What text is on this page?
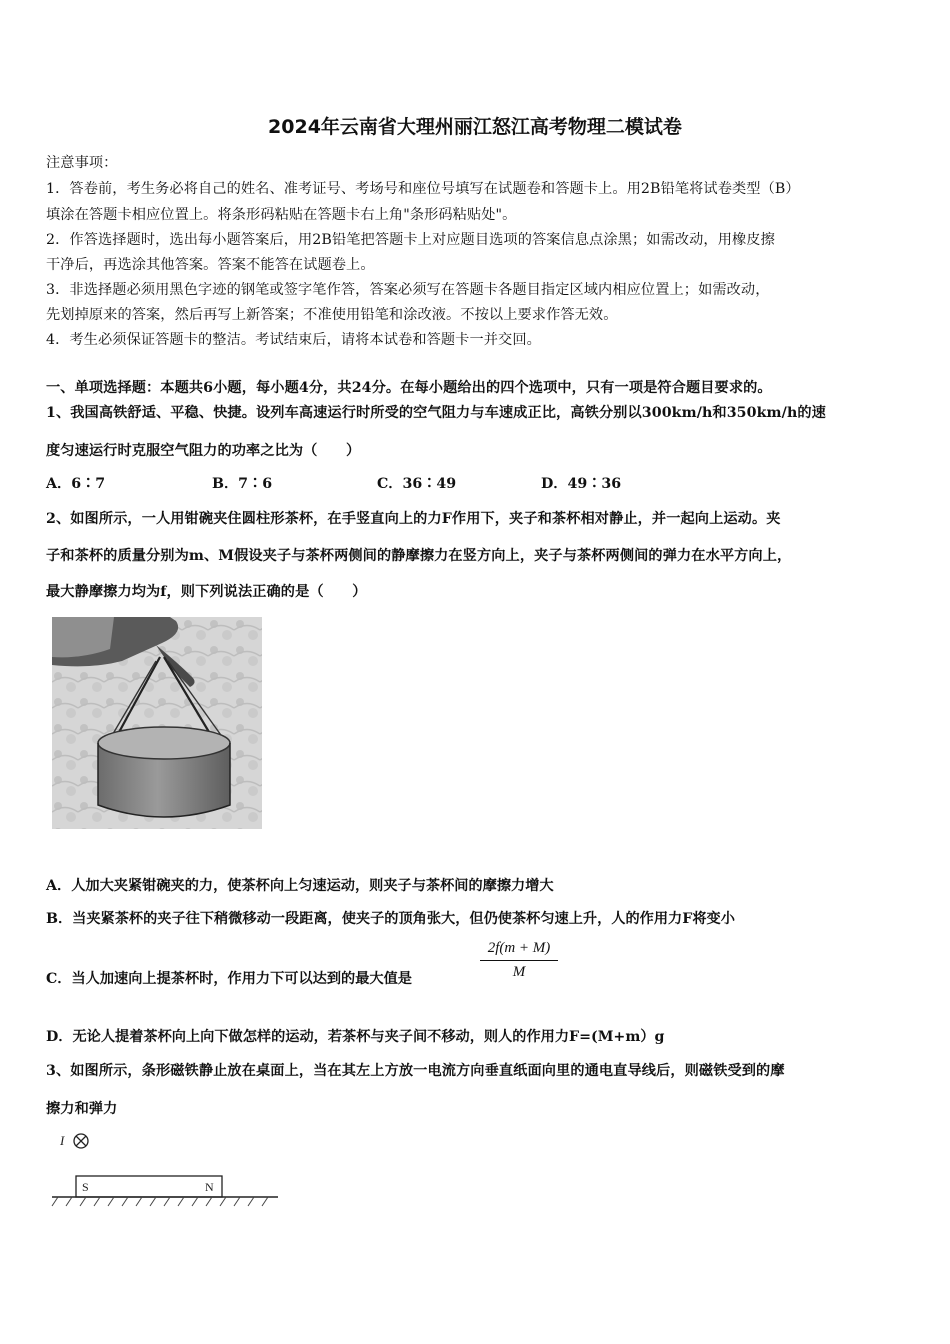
2024年云南省大理州丽江怒江高考物理二模试卷
注意事项：
1．答卷前，考生务必将自己的姓名、准考证号、考场号和座位号填写在试题卷和答题卡上。用2B铅笔将试卷类型（B）
填涂在答题卡相应位置上。将条形码粘贴在答题卡右上角"条形码粘贴处"。
2．作答选择题时，选出每小题答案后，用2B铅笔把答题卡上对应题目选项的答案信息点涂黑；如需改动，用橡皮擦
干净后，再选涂其他答案。答案不能答在试题卷上。
3．非选择题必须用黑色字迹的钢笔或签字笔作答，答案必须写在答题卡各题目指定区域内相应位置上；如需改动，
先划掉原来的答案，然后再写上新答案；不准使用铅笔和涂改液。不按以上要求作答无效。
4．考生必须保证答题卡的整洁。考试结束后，请将本试卷和答题卡一并交回。
一、单项选择题：本题共6小题，每小题4分，共24分。在每小题给出的四个选项中，只有一项是符合题目要求的。
1、我国高铁舒适、平稳、快捷。设列车高速运行时所受的空气阻力与车速成正比，高铁分别以300km/h和350km/h的速
度匀速运行时克服空气阻力的功率之比为（　　）
A．6∶7	B．7∶6	C．36∶49	D．49∶36
2、如图所示，一人用钳碗夹住圆柱形茶杯，在手竖直向上的力F作用下，夹子和茶杯相对静止，并一起向上运动。夹
子和茶杯的质量分别为m、M假设夹子与茶杯两侧间的静摩擦力在竖方向上，夹子与茶杯两侧间的弹力在水平方向上，
最大静摩擦力均为f，则下列说法正确的是（　　）
A．人加大夹紧钳碗夹的力，使茶杯向上匀速运动，则夹子与茶杯间的摩擦力增大
B．当夹紧茶杯的夹子往下稍微移动一段距离，使夹子的顶角张大，但仍使茶杯匀速上升，人的作用力F将变小
C．当人加速向上提茶杯时，作用力下可以达到的最大值是	$\frac{2f(m + M)}{M}$
D．无论人提着茶杯向上向下做怎样的运动，若茶杯与夹子间不移动，则人的作用力F=(M+m）g
3、如图所示，条形磁铁静止放在桌面上，当在其左上方放一电流方向垂直纸面向里的通电直导线后，则磁铁受到的摩
擦力和弹力
I
S	N
